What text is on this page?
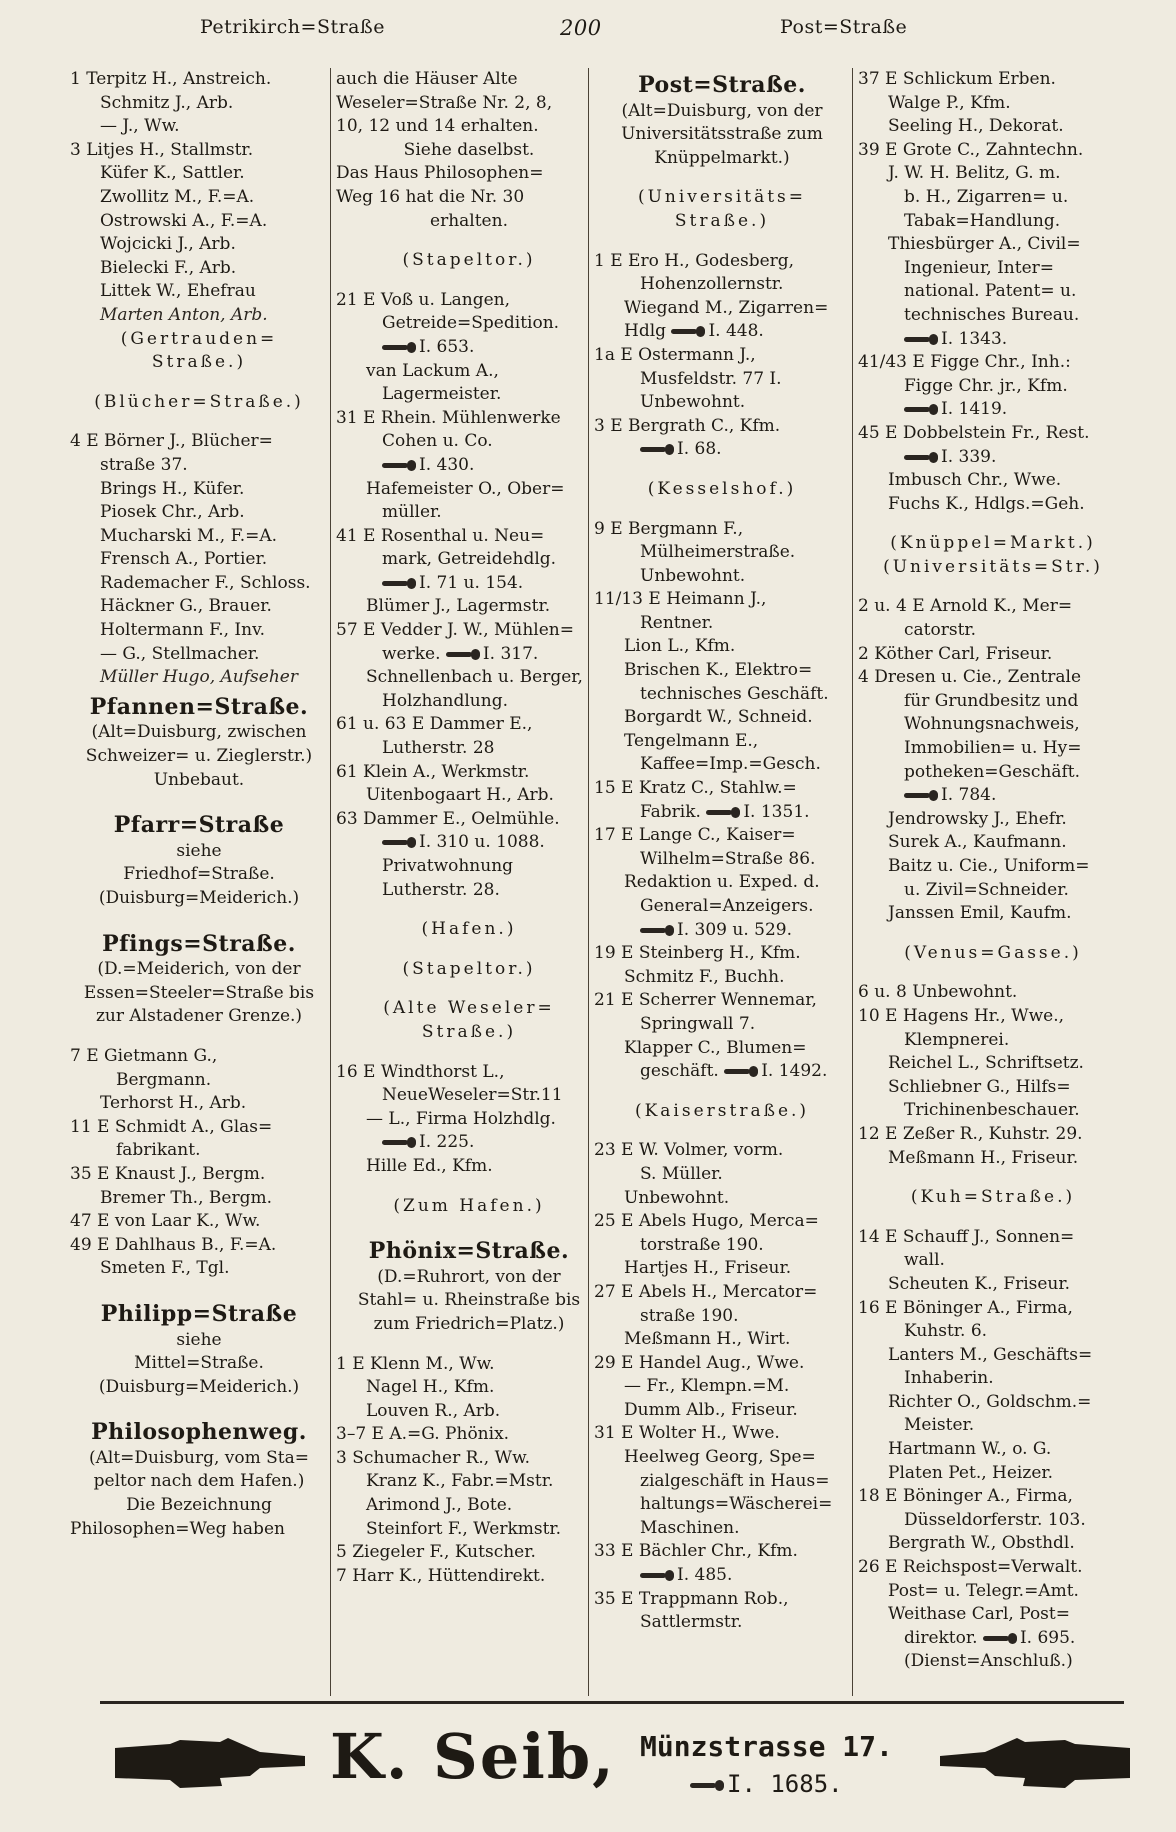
Petrikirch=Straße	200	Post=Straße
1 Terpitz H., Anstreich.
Schmitz J., Arb.
— J., Ww.
3 Litjes H., Stallmstr.
Küfer K., Sattler.
Zwollitz M., F.=A.
Ostrowski A., F.=A.
Wojcicki J., Arb.
Bielecki F., Arb.
Littek W., Ehefrau
Marten Anton, Arb.
(Gertrauden=
Straße.)
(Blücher=Straße.)
4 E Börner J., Blücher=
straße 37.
Brings H., Küfer.
Piosek Chr., Arb.
Mucharski M., F.=A.
Frensch A., Portier.
Rademacher F., Schloss.
Häckner G., Brauer.
Holtermann F., Inv.
— G., Stellmacher.
Müller Hugo, Aufseher
Pfannen=Straße.
(Alt=Duisburg, zwischen
Schweizer= u. Zieglerstr.)
Unbebaut.
Pfarr=Straße
siehe
Friedhof=Straße.
(Duisburg=Meiderich.)
Pfings=Straße.
(D.=Meiderich, von der
Essen=Steeler=Straße bis
zur Alstadener Grenze.)
7 E Gietmann G.,
Bergmann.
Terhorst H., Arb.
11 E Schmidt A., Glas=
fabrikant.
35 E Knaust J., Bergm.
Bremer Th., Bergm.
47 E von Laar K., Ww.
49 E Dahlhaus B., F.=A.
Smeten F., Tgl.
Philipp=Straße
siehe
Mittel=Straße.
(Duisburg=Meiderich.)
Philosophenweg.
(Alt=Duisburg, vom Sta=
peltor nach dem Hafen.)
Die Bezeichnung
Philosophen=Weg haben
auch die Häuser Alte
Weseler=Straße Nr. 2, 8,
10, 12 und 14 erhalten.
Siehe daselbst.
Das Haus Philosophen=
Weg 16 hat die Nr. 30
erhalten.
(Stapeltor.)
21 E Voß u. Langen,
Getreide=Spedition.
I. 653.
van Lackum A.,
Lagermeister.
31 E Rhein. Mühlenwerke
Cohen u. Co.
I. 430.
Hafemeister O., Ober=
müller.
41 E Rosenthal u. Neu=
mark, Getreidehdlg.
I. 71 u. 154.
Blümer J., Lagermstr.
57 E Vedder J. W., Mühlen=
werke. I. 317.
Schnellenbach u. Berger,
Holzhandlung.
61 u. 63 E Dammer E.,
Lutherstr. 28
61 Klein A., Werkmstr.
Uitenbogaart H., Arb.
63 Dammer E., Oelmühle.
I. 310 u. 1088.
Privatwohnung
Lutherstr. 28.
(Hafen.)
(Stapeltor.)
(Alte Weseler=
Straße.)
16 E Windthorst L.,
NeueWeseler=Str.11
— L., Firma Holzhdlg.
I. 225.
Hille Ed., Kfm.
(Zum Hafen.)
Phönix=Straße.
(D.=Ruhrort, von der
Stahl= u. Rheinstraße bis
zum Friedrich=Platz.)
1 E Klenn M., Ww.
Nagel H., Kfm.
Louven R., Arb.
3–7 E A.=G. Phönix.
3 Schumacher R., Ww.
Kranz K., Fabr.=Mstr.
Arimond J., Bote.
Steinfort F., Werkmstr.
5 Ziegeler F., Kutscher.
7 Harr K., Hüttendirekt.
Post=Straße.
(Alt=Duisburg, von der
Universitätsstraße zum
Knüppelmarkt.)
(Universitäts=
Straße.)
1 E Ero H., Godesberg,
Hohenzollernstr.
Wiegand M., Zigarren=
Hdlg I. 448.
1a E Ostermann J.,
Musfeldstr. 77 I.
Unbewohnt.
3 E Bergrath C., Kfm.
I. 68.
(Kesselshof.)
9 E Bergmann F.,
Mülheimerstraße.
Unbewohnt.
11/13 E Heimann J.,
Rentner.
Lion L., Kfm.
Brischen K., Elektro=
technisches Geschäft.
Borgardt W., Schneid.
Tengelmann E.,
Kaffee=Imp.=Gesch.
15 E Kratz C., Stahlw.=
Fabrik. I. 1351.
17 E Lange C., Kaiser=
Wilhelm=Straße 86.
Redaktion u. Exped. d.
General=Anzeigers.
I. 309 u. 529.
19 E Steinberg H., Kfm.
Schmitz F., Buchh.
21 E Scherrer Wennemar,
Springwall 7.
Klapper C., Blumen=
geschäft. I. 1492.
(Kaiserstraße.)
23 E W. Volmer, vorm.
S. Müller.
Unbewohnt.
25 E Abels Hugo, Merca=
torstraße 190.
Hartjes H., Friseur.
27 E Abels H., Mercator=
straße 190.
Meßmann H., Wirt.
29 E Handel Aug., Wwe.
— Fr., Klempn.=M.
Dumm Alb., Friseur.
31 E Wolter H., Wwe.
Heelweg Georg, Spe=
zialgeschäft in Haus=
haltungs=Wäscherei=
Maschinen.
33 E Bächler Chr., Kfm.
I. 485.
35 E Trappmann Rob.,
Sattlermstr.
37 E Schlickum Erben.
Walge P., Kfm.
Seeling H., Dekorat.
39 E Grote C., Zahntechn.
J. W. H. Belitz, G. m.
b. H., Zigarren= u.
Tabak=Handlung.
Thiesbürger A., Civil=
Ingenieur, Inter=
national. Patent= u.
technisches Bureau.
I. 1343.
41/43 E Figge Chr., Inh.:
Figge Chr. jr., Kfm.
I. 1419.
45 E Dobbelstein Fr., Rest.
I. 339.
Imbusch Chr., Wwe.
Fuchs K., Hdlgs.=Geh.
(Knüppel=Markt.)
(Universitäts=Str.)
2 u. 4 E Arnold K., Mer=
catorstr.
2 Köther Carl, Friseur.
4 Dresen u. Cie., Zentrale
für Grundbesitz und
Wohnungsnachweis,
Immobilien= u. Hy=
potheken=Geschäft.
I. 784.
Jendrowsky J., Ehefr.
Surek A., Kaufmann.
Baitz u. Cie., Uniform=
u. Zivil=Schneider.
Janssen Emil, Kaufm.
(Venus=Gasse.)
6 u. 8 Unbewohnt.
10 E Hagens Hr., Wwe.,
Klempnerei.
Reichel L., Schriftsetz.
Schliebner G., Hilfs=
Trichinenbeschauer.
12 E Zeßer R., Kuhstr. 29.
Meßmann H., Friseur.
(Kuh=Straße.)
14 E Schauff J., Sonnen=
wall.
Scheuten K., Friseur.
16 E Böninger A., Firma,
Kuhstr. 6.
Lanters M., Geschäfts=
Inhaberin.
Richter O., Goldschm.=
Meister.
Hartmann W., o. G.
Platen Pet., Heizer.
18 E Böninger A., Firma,
Düsseldorferstr. 103.
Bergrath W., Obsthdl.
26 E Reichspost=Verwalt.
Post= u. Telegr.=Amt.
Weithase Carl, Post=
direktor. I. 695.
(Dienst=Anschluß.)
K. Seib, Münzstrasse 17.
I. 1685.
